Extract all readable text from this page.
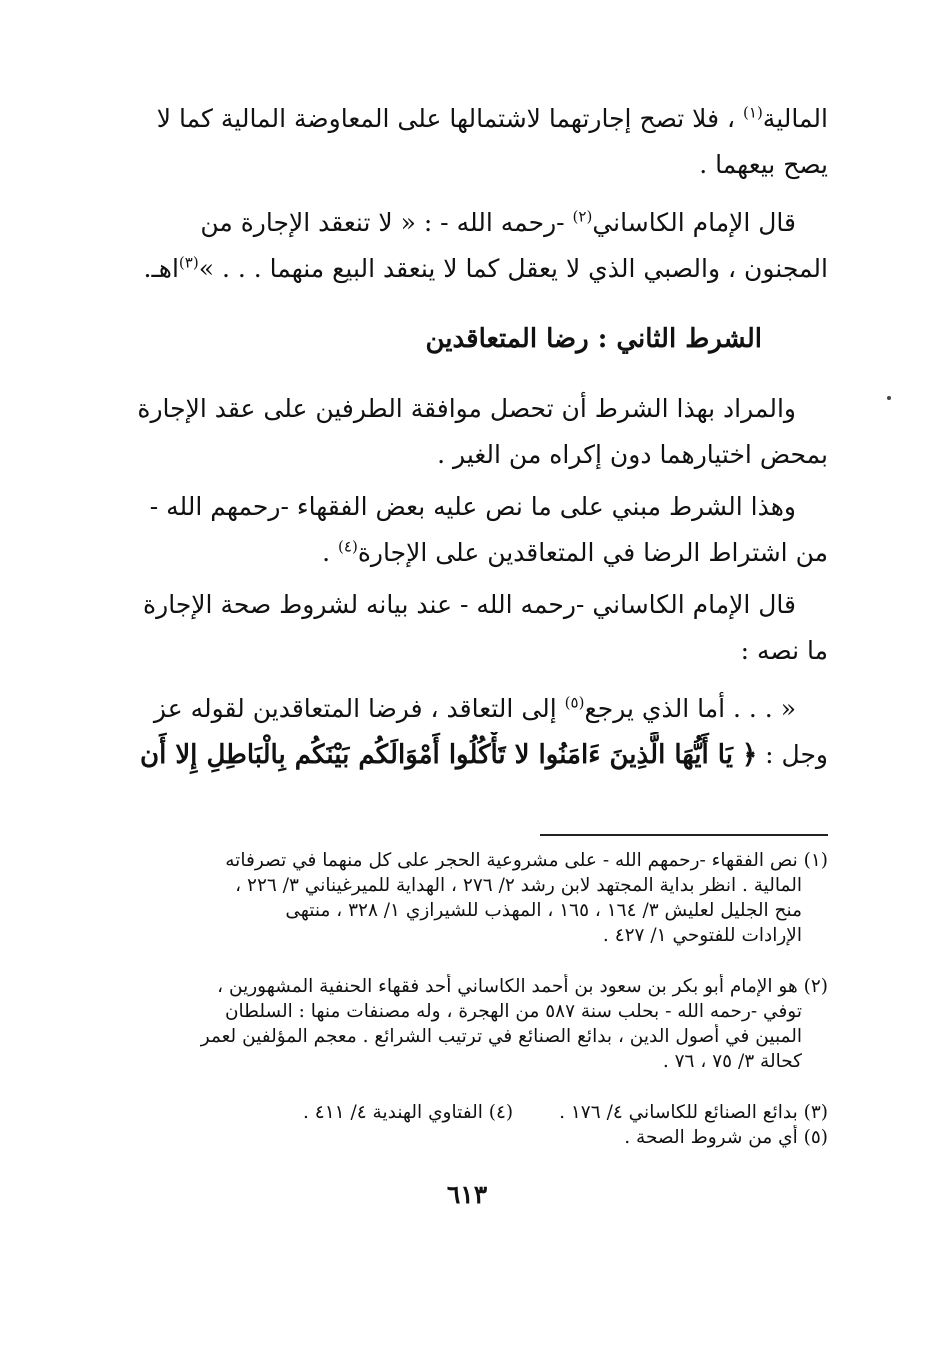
المالية$^{(١)}$ ، فلا تصح إجارتهما لاشتمالها على المعاوضة المالية كما لا
يصح بيعهما .
قال الإمام الكاساني$^{(٢)}$ -رحمه الله - : « لا تنعقد الإجارة من
المجنون ، والصبي الذي لا يعقل كما لا ينعقد البيع منهما . . . »$^{(٣)}$اهـ.
الشرط الثاني : رضا المتعاقدين
والمراد بهذا الشرط أن تحصل موافقة الطرفين على عقد الإجارة
بمحض اختيارهما دون إكراه من الغير .
وهذا الشرط مبني على ما نص عليه بعض الفقهاء -رحمهم الله -
من اشتراط الرضا في المتعاقدين على الإجارة$^{(٤)}$ .
قال الإمام الكاساني -رحمه الله - عند بيانه لشروط صحة الإجارة
ما نصه :
« . . . أما الذي يرجع$^{(٥)}$ إلى التعاقد ، فرضا المتعاقدين لقوله عز
وجل : ﴿ يَا أَيُّهَا الَّذِينَ ءَامَنُوا لا تَأْكُلُوا أَمْوَالَكُم بَيْنَكُم بِالْبَاطِلِ إِلا أَن
(١) نص الفقهاء -رحمهم الله - على مشروعية الحجر على كل منهما في تصرفاته
المالية . انظر بداية المجتهد لابن رشد ٢/ ٢٧٦ ، الهداية للميرغيناني ٣/ ٢٢٦ ،
منح الجليل لعليش ٣/ ١٦٤ ، ١٦٥ ، المهذب للشيرازي ١/ ٣٢٨ ، منتهى
الإرادات للفتوحي ١/ ٤٢٧ .
(٢) هو الإمام أبو بكر بن سعود بن أحمد الكاساني أحد فقهاء الحنفية المشهورين ،
توفي -رحمه الله - بحلب سنة ٥٨٧ من الهجرة ، وله مصنفات منها : السلطان
المبين في أصول الدين ، بدائع الصنائع في ترتيب الشرائع . معجم المؤلفين لعمر
كحالة ٣/ ٧٥ ، ٧٦ .
(٣) بدائع الصنائع للكاساني ٤/ ١٧٦ .(٤) الفتاوي الهندية ٤/ ٤١١ .
(٥) أي من شروط الصحة .
٦١٣
